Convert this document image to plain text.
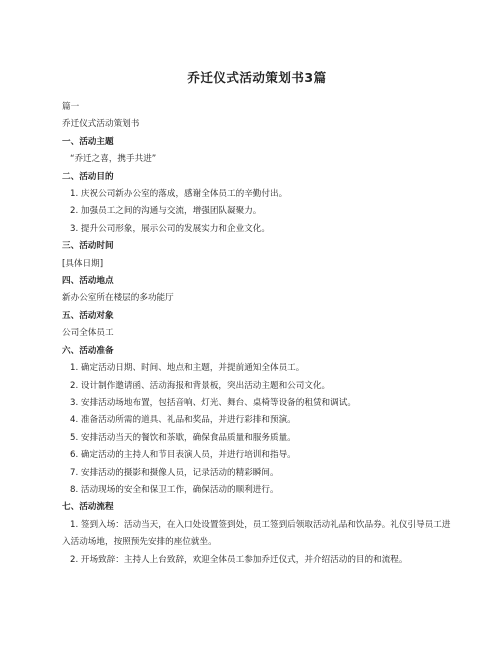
乔迁仪式活动策划书3篇

篇一

乔迁仪式活动策划书

一、活动主题

“乔迁之喜，携手共进”

二、活动目的

1. 庆祝公司新办公室的落成，感谢全体员工的辛勤付出。

2. 加强员工之间的沟通与交流，增强团队凝聚力。

3. 提升公司形象，展示公司的发展实力和企业文化。

三、活动时间

[具体日期]

四、活动地点

新办公室所在楼层的多功能厅

五、活动对象

公司全体员工

六、活动准备

1. 确定活动日期、时间、地点和主题，并提前通知全体员工。

2. 设计制作邀请函、活动海报和背景板，突出活动主题和公司文化。

3. 安排活动场地布置，包括音响、灯光、舞台、桌椅等设备的租赁和调试。

4. 准备活动所需的道具、礼品和奖品，并进行彩排和预演。

5. 安排活动当天的餐饮和茶歇，确保食品质量和服务质量。

6. 确定活动的主持人和节目表演人员，并进行培训和指导。

7. 安排活动的摄影和摄像人员，记录活动的精彩瞬间。

8. 活动现场的安全和保卫工作，确保活动的顺利进行。

七、活动流程

1. 签到入场：活动当天，在入口处设置签到处，员工签到后领取活动礼品和饮品券。礼仪引导员工进入活动场地，按照预先安排的座位就坐。

2. 开场致辞：主持人上台致辞，欢迎全体员工参加乔迁仪式，并介绍活动的目的和流程。
